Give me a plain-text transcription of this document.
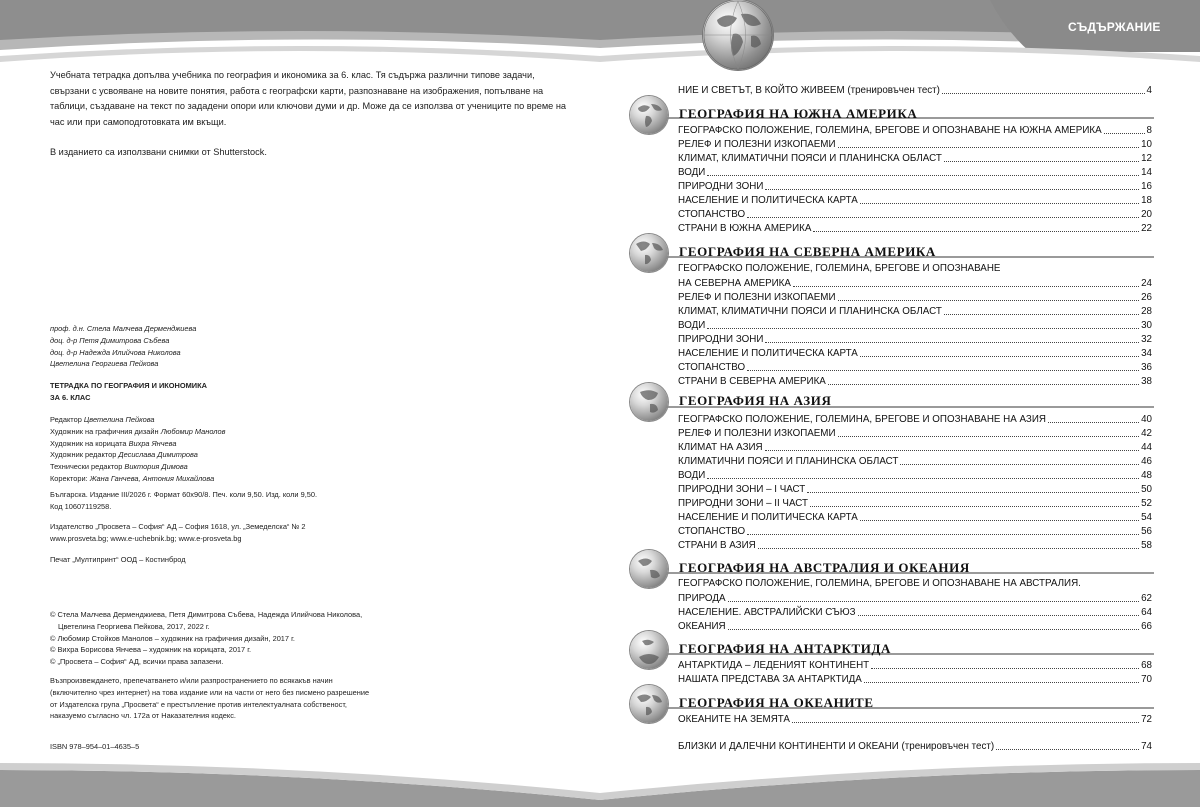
СЪДЪРЖАНИЕ

Учебната тетрадка допълва учебника по география и икономика за 6. клас. Тя съдържа различни типове задачи, свързани с усвояване на новите понятия, работа с географски карти, разпознаване на изображения, попълване на таблици, създаване на текст по зададени опори или ключови думи и др. Може да се използва от учениците по време на час или при самоподготовката им вкъщи.

В изданието са използвани снимки от Shutterstock.

проф. д.н. Стела Малчева Дерменджиева
доц. д-р Петя Димитрова Събева
доц. д-р Надежда Илийчова Николова
Цветелина Георгиева Пейкова
ТЕТРАДКА ПО ГЕОГРАФИЯ И ИКОНОМИКА
ЗА 6. КЛАС
Редактор Цветелина Пейкова
Художник на графичния дизайн Любомир Манолов
Художник на корицата Вихра Янчева
Художник редактор Десислава Димитрова
Технически редактор Виктория Димова
Коректори: Жана Ганчева, Антония Михайлова
Българска. Издание III/2026 г. Формат 60х90/8. Печ. коли 9,50. Изд. коли 9,50.
Код 10607119258.
Издателство „Просвета – София“ АД – София 1618, ул. „Земеделска“ № 2
www.prosveta.bg; www.e-uchebnik.bg; www.e-prosveta.bg
Печат „Мултипринт“ ООД – Костинброд
© Стела Малчева Дерменджиева, Петя Димитрова Събева, Надежда Илийчова Николова,
Цветелина Георгиева Пейкова, 2017, 2022 г.
© Любомир Стойков Манолов – художник на графичния дизайн, 2017 г.
© Вихра Борисова Янчева – художник на корицата, 2017 г.
© „Просвета – София“ АД, всички права запазени.
Възпроизвеждането, препечатването и/или разпространението по всякакъв начин
(включително чрез интернет) на това издание или на части от него без писмено разрешение
от Издателска група „Просвета“ е престъпление против интелектуалната собственост,
наказуемо съгласно чл. 172а от Наказателния кодекс.
ISBN 978–954–01–4635–5
НИЕ И СВЕТЪТ, В КОЙТО ЖИВЕЕМ (тренировъчен тест)	4
ГЕОГРАФСКО ПОЛОЖЕНИЕ, ГОЛЕМИНА, БРЕГОВЕ И ОПОЗНАВАНЕ НА ЮЖНА АМЕРИКА	8
РЕЛЕФ И ПОЛЕЗНИ ИЗКОПАЕМИ	10
КЛИМАТ, КЛИМАТИЧНИ ПОЯСИ И ПЛАНИНСКА ОБЛАСТ	12
ВОДИ	14
ПРИРОДНИ ЗОНИ	16
НАСЕЛЕНИЕ И ПОЛИТИЧЕСКА КАРТА	18
СТОПАНСТВО	20
СТРАНИ В ЮЖНА АМЕРИКА	22
ГЕОГРАФСКО ПОЛОЖЕНИЕ, ГОЛЕМИНА, БРЕГОВЕ И ОПОЗНАВАНЕ
НА СЕВЕРНА АМЕРИКА	24
РЕЛЕФ И ПОЛЕЗНИ ИЗКОПАЕМИ	26
КЛИМАТ, КЛИМАТИЧНИ ПОЯСИ И ПЛАНИНСКА ОБЛАСТ	28
ВОДИ	30
ПРИРОДНИ ЗОНИ	32
НАСЕЛЕНИЕ И ПОЛИТИЧЕСКА КАРТА	34
СТОПАНСТВО	36
СТРАНИ В СЕВЕРНА АМЕРИКА	38
ГЕОГРАФСКО ПОЛОЖЕНИЕ, ГОЛЕМИНА, БРЕГОВЕ И ОПОЗНАВАНЕ НА АЗИЯ	40
РЕЛЕФ И ПОЛЕЗНИ ИЗКОПАЕМИ	42
КЛИМАТ НА АЗИЯ	44
КЛИМАТИЧНИ ПОЯСИ И ПЛАНИНСКА ОБЛАСТ	46
ВОДИ	48
ПРИРОДНИ ЗОНИ – I ЧАСТ	50
ПРИРОДНИ ЗОНИ – II ЧАСТ	52
НАСЕЛЕНИЕ И ПОЛИТИЧЕСКА КАРТА	54
СТОПАНСТВО	56
СТРАНИ В АЗИЯ	58
ГЕОГРАФСКО ПОЛОЖЕНИЕ, ГОЛЕМИНА, БРЕГОВЕ И ОПОЗНАВАНЕ НА АВСТРАЛИЯ.
ПРИРОДА	62
НАСЕЛЕНИЕ. АВСТРАЛИЙСКИ СЪЮЗ	64
ОКЕАНИЯ	66
АНТАРКТИДА – ЛЕДЕНИЯТ КОНТИНЕНТ	68
НАШАТА ПРЕДСТАВА ЗА АНТАРКТИДА	70
ОКЕАНИТЕ НА ЗЕМЯТА	72
БЛИЗКИ И ДАЛЕЧНИ КОНТИНЕНТИ И ОКЕАНИ (тренировъчен тест)	74
ГЕОГРАФИЯ НА ЮЖНА АМЕРИКА
ГЕОГРАФИЯ НА СЕВЕРНА АМЕРИКА
ГЕОГРАФИЯ НА АЗИЯ
ГЕОГРАФИЯ НА АВСТРАЛИЯ И ОКЕАНИЯ
ГЕОГРАФИЯ НА АНТАРКТИДА
ГЕОГРАФИЯ НА ОКЕАНИТЕ
